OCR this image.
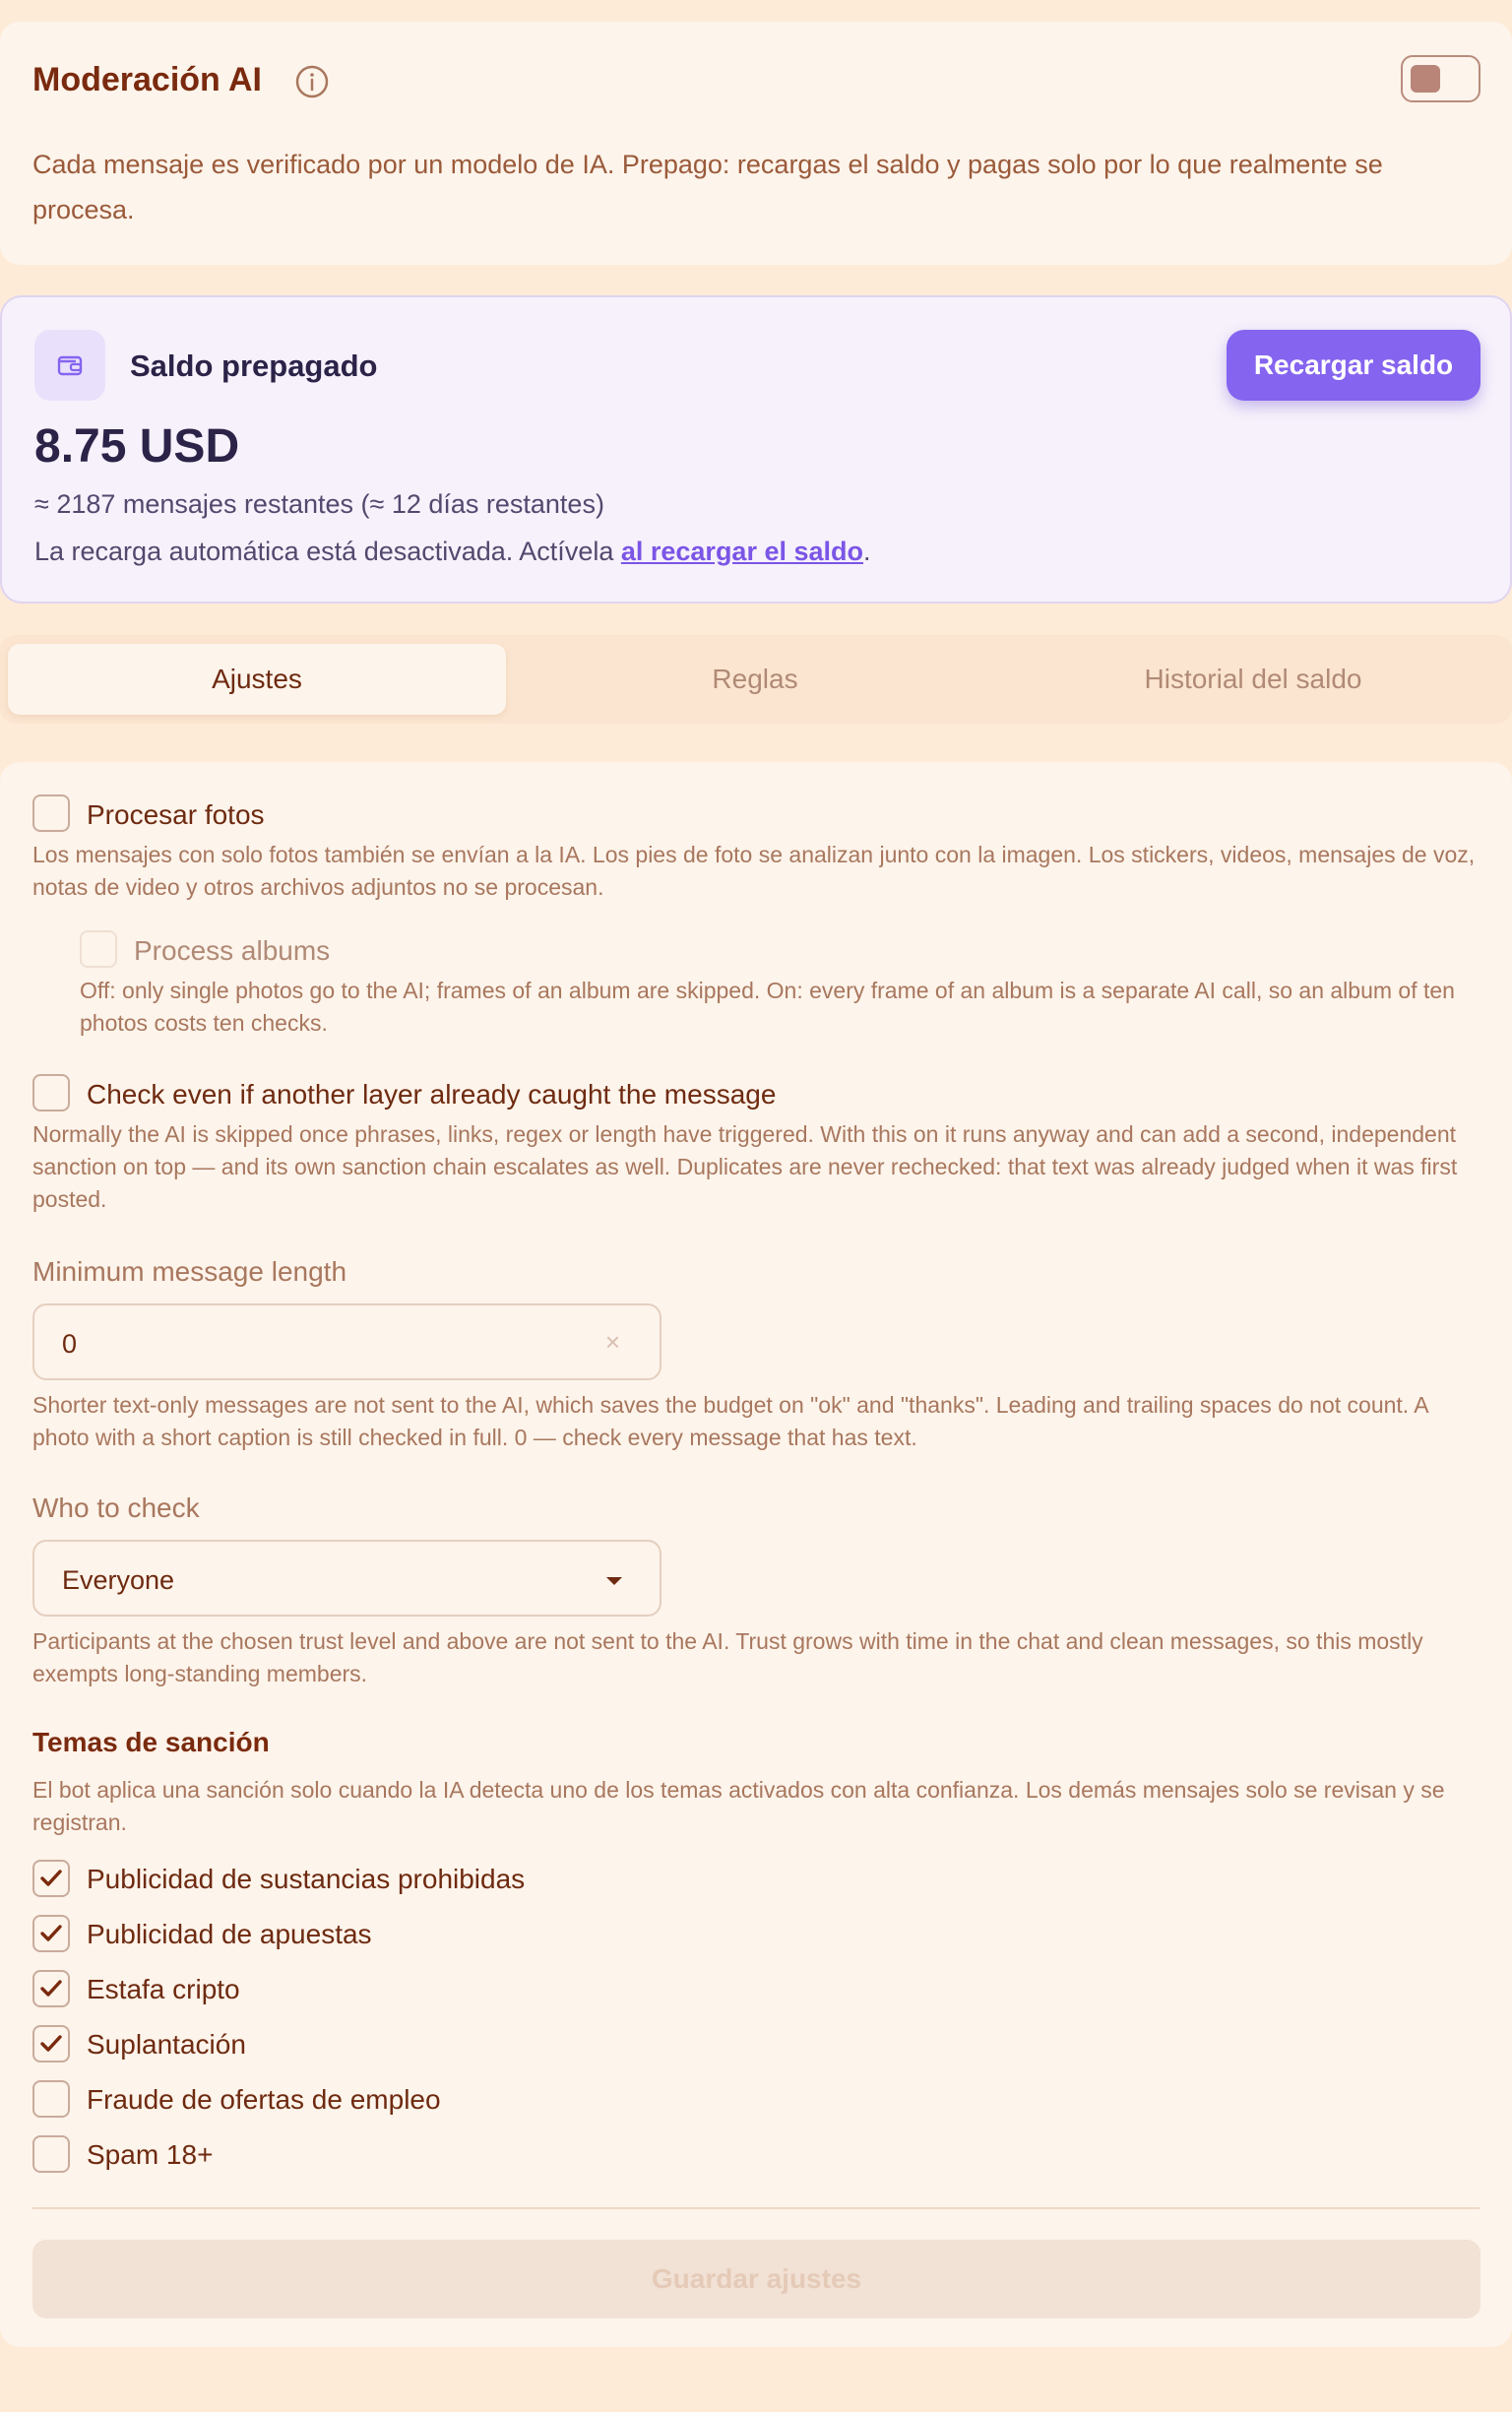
Moderación AI
Cada mensaje es verificado por un modelo de IA. Prepago: recargas el saldo y pagas solo por lo que realmente se procesa.
Saldo prepagado	Recargar saldo
8.75 USD
≈ 2187 mensajes restantes (≈ 12 días restantes)
La recarga automática está desactivada. Actívela al recargar el saldo.
Ajustes	Reglas	Historial del saldo
Procesar fotos
Los mensajes con solo fotos también se envían a la IA. Los pies de foto se analizan junto con la imagen. Los stickers, videos, mensajes de voz, notas de video y otros archivos adjuntos no se procesan.
Process albums
Off: only single photos go to the AI; frames of an album are skipped. On: every frame of an album is a separate AI call, so an album of ten photos costs ten checks.
Check even if another layer already caught the message
Normally the AI is skipped once phrases, links, regex or length have triggered. With this on it runs anyway and can add a second, independent sanction on top — and its own sanction chain escalates as well. Duplicates are never rechecked: that text was already judged when it was first posted.
Minimum message length
0	×
Shorter text-only messages are not sent to the AI, which saves the budget on "ok" and "thanks". Leading and trailing spaces do not count. A photo with a short caption is still checked in full. 0 — check every message that has text.
Who to check
Everyone
Participants at the chosen trust level and above are not sent to the AI. Trust grows with time in the chat and clean messages, so this mostly exempts long-standing members.
Temas de sanción
El bot aplica una sanción solo cuando la IA detecta uno de los temas activados con alta confianza. Los demás mensajes solo se revisan y se registran.
Publicidad de sustancias prohibidas
Publicidad de apuestas
Estafa cripto
Suplantación
Fraude de ofertas de empleo
Spam 18+
Guardar ajustes
